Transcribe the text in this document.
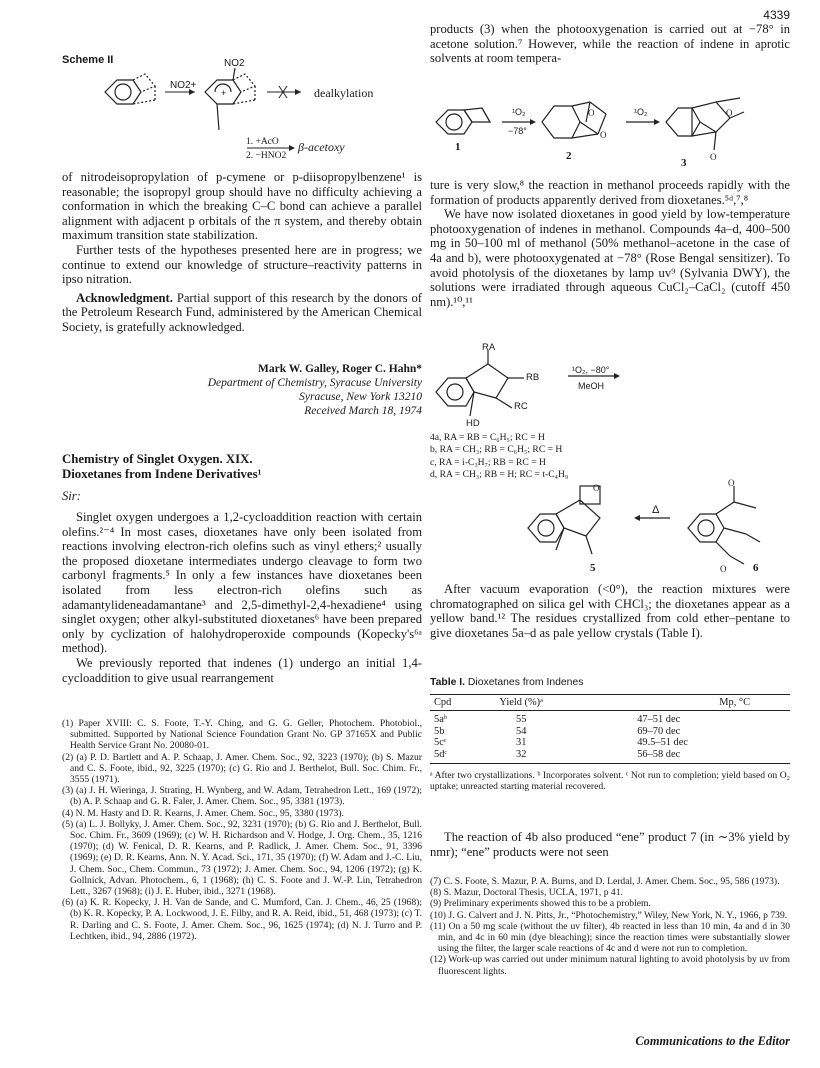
4339
Scheme II
+
NO2+
NO2
dealkylation
1. +AcO
2. −HNO2
β-acetoxy

of nitrodeisopropylation of p-cymene or p-diisopropylbenzene¹ is reasonable; the isopropyl group should have no difficulty achieving a conformation in which the breaking C–C bond can achieve a parallel alignment with adjacent p orbitals of the π system, and thereby obtain maximum transition state stabilization.

Further tests of the hypotheses presented here are in progress; we continue to extend our knowledge of structure–reactivity patterns in ipso nitration.

Acknowledgment. Partial support of this research by the donors of the Petroleum Research Fund, administered by the American Chemical Society, is gratefully acknowledged.

Mark W. Galley, Roger C. Hahn*
Department of Chemistry, Syracuse University
Syracuse, New York 13210
Received March 18, 1974
Chemistry of Singlet Oxygen. XIX.
Dioxetanes from Indene Derivatives¹
Sir:

Singlet oxygen undergoes a 1,2-cycloaddition reaction with certain olefins.²⁻⁴ In most cases, dioxetanes have only been isolated from reactions involving electron-rich olefins such as vinyl ethers;² usually the proposed dioxetane intermediates undergo cleavage to form two carbonyl fragments.⁵ In only a few instances have dioxetanes been isolated from less electron-rich olefins such as adamantylideneadamantane³ and 2,5-dimethyl-2,4-hexadiene⁴ using singlet oxygen; other alkyl-substituted dioxetanes⁶ have been prepared only by cyclization of halohydroperoxide compounds (Kopecky's⁶ᵃ method).

We previously reported that indenes (1) undergo an initial 1,4-cycloaddition to give usual rearrangement

(1) Paper XVIII: C. S. Foote, T.-Y. Ching, and G. G. Geller, Photochem. Photobiol., submitted. Supported by National Science Foundation Grant No. GP 37165X and Public Health Service Grant No. 20080-01.

(2) (a) P. D. Bartlett and A. P. Schaap, J. Amer. Chem. Soc., 92, 3223 (1970); (b) S. Mazur and C. S. Foote, ibid., 92, 3225 (1970); (c) G. Rio and J. Berthelot, Bull. Soc. Chim. Fr., 3555 (1971).

(3) (a) J. H. Wieringa, J. Strating, H. Wynberg, and W. Adam, Tetrahedron Lett., 169 (1972); (b) A. P. Schaap and G. R. Faler, J. Amer. Chem. Soc., 95, 3381 (1973).

(4) N. M. Hasty and D. R. Kearns, J. Amer. Chem. Soc., 95, 3380 (1973).

(5) (a) L. J. Bollyky, J. Amer. Chem. Soc., 92, 3231 (1970); (b) G. Rio and J. Berthelot, Bull. Soc. Chim. Fr., 3609 (1969); (c) W. H. Richardson and V. Hodge, J. Org. Chem., 35, 1216 (1970); (d) W. Fenical, D. R. Kearns, and P. Radlick, J. Amer. Chem. Soc., 91, 3396 (1969); (e) D. R. Kearns, Ann. N. Y. Acad. Sci., 171, 35 (1970); (f) W. Adam and J.-C. Liu, J. Chem. Soc., Chem. Commun., 73 (1972); J. Amer. Chem. Soc., 94, 1206 (1972); (g) K. Gollnick, Advan. Photochem., 6, 1 (1968); (h) C. S. Foote and J. W.-P. Lin, Tetrahedron Lett., 3267 (1968); (i) J. E. Huber, ibid., 3271 (1968).

(6) (a) K. R. Kopecky, J. H. Van de Sande, and C. Mumford, Can. J. Chem., 46, 25 (1968); (b) K. R. Kopecky, P. A. Lockwood, J. E. Filby, and R. A. Reid, ibid., 51, 468 (1973); (c) T. R. Darling and C. S. Foote, J. Amer. Chem. Soc., 96, 1625 (1974); (d) N. J. Turro and P. Lechtken, ibid., 94, 2886 (1972).

products (3) when the photooxygenation is carried out at −78° in acetone solution.⁷ However, while the reaction of indene in aprotic solvents at room tempera-

O
O
O
O
¹O₂
−78°
¹O₂
1
2
3

ture is very slow,⁸ the reaction in methanol proceeds rapidly with the formation of products apparently derived from dioxetanes.⁵ᵈ,⁷,⁸

We have now isolated dioxetanes in good yield by low-temperature photooxygenation of indenes in methanol. Compounds 4a–d, 400–500 mg in 50–100 ml of methanol (50% methanol–acetone in the case of 4a and b), were photooxygenated at −78° (Rose Bengal sensitizer). To avoid photolysis of the dioxetanes by lamp uv⁹ (Sylvania DWY), the solutions were irradiated through aqueous CuCl₂–CaCl₂ (cutoff 450 nm).¹⁰,¹¹

RA
RB
RC
HD
¹O₂, −80°
MeOH
4a, RA = RB = C₆H₅; RC = H
b, RA = CH₃; RB = C₆H₅; RC = H
c, RA = i-C₃H₇; RB = RC = H
d, RA = CH₃; RB = H; RC = t-C₄H₉
O	O
O
Δ
5	6

After vacuum evaporation (<0°), the reaction mixtures were chromatographed on silica gel with CHCl₃; the dioxetanes appear as a yellow band.¹² The residues crystallized from cold ether–pentane to give dioxetanes 5a–d as pale yellow crystals (Table I).

Table I. Dioxetanes from Indenes
Cpd	Yield (%)ᵃ	Mp, °C
5aᵇ	55	47–51 dec
5b	54	69–70 dec
5cᶜ	31	49.5–51 dec
5dᶜ	32	56–58 dec
ᵃ After two crystallizations. ᵇ Incorporates solvent. ᶜ Not run to completion; yield based on O₂ uptake; unreacted starting material recovered.

The reaction of 4b also produced “ene” product 7 (in ∼3% yield by nmr); “ene” products were not seen

(7) C. S. Foote, S. Mazur, P. A. Burns, and D. Lerdal, J. Amer. Chem. Soc., 95, 586 (1973).

(8) S. Mazur, Doctoral Thesis, UCLA, 1971, p 41.

(9) Preliminary experiments showed this to be a problem.

(10) J. G. Calvert and J. N. Pitts, Jr., “Photochemistry,” Wiley, New York, N. Y., 1966, p 739.

(11) On a 50 mg scale (without the uv filter), 4b reacted in less than 10 min, 4a and d in 30 min, and 4c in 60 min (dye bleaching); since the reaction times were substantially slower using the filter, the larger scale reactions of 4c and d were not run to completion.

(12) Work-up was carried out under minimum natural lighting to avoid photolysis by uv from fluorescent lights.

Communications to the Editor
